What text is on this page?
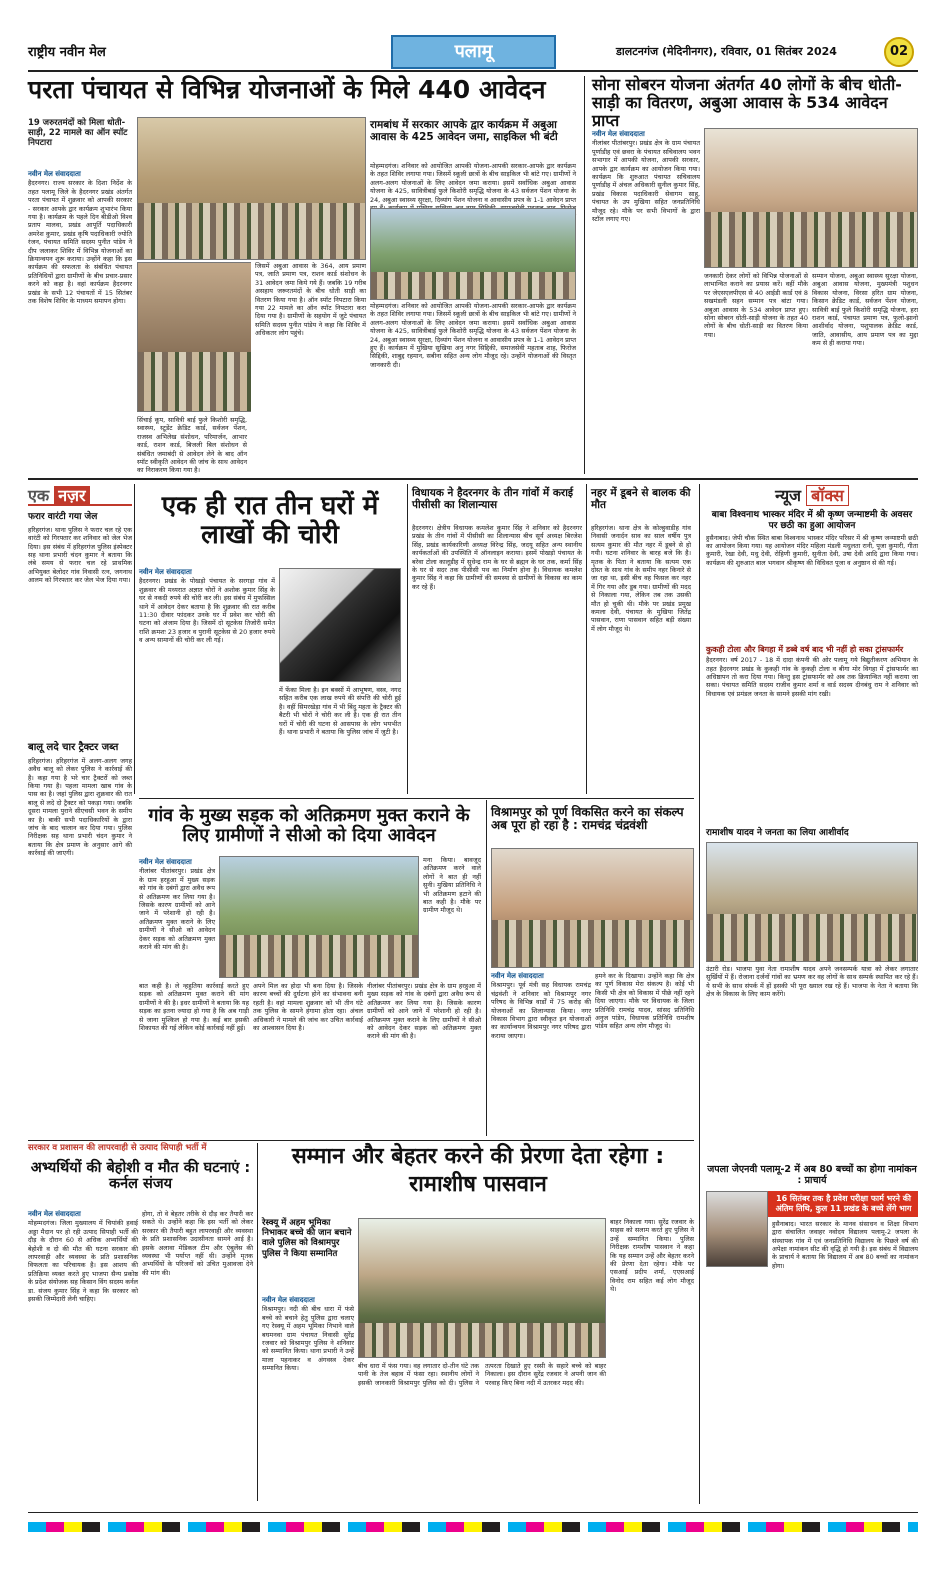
राष्ट्रीय नवीन मेल	पलामू	डालटनगंज (मेदिनीनगर), रविवार, 01 सितंबर 2024	02
परता पंचायत से विभिन्न योजनाओं के मिले 440 आवेदन
19 जरुरतमंदों को मिला धोती-साड़ी, 22 मामले का ऑन स्पॉट निपटारा
नवीन मेल संवाददाता
हैदरनगर। राज्य सरकार के दिशा निर्देश के तहत पलामू जिले के हैदरनगर प्रखंड अंतर्गत परता पंचायत में शुक्रवार को आपकी सरकार - सरकार आपके द्वार कार्यक्रम शुभारंभ किया गया है। कार्यक्रम के पहले दिन बीडीओ विश्व प्रताप मालवा, प्रखंड आपूर्ति पदाधिकारी अमरेश कुमार, प्रखंड कृषि पदाधिकारी ज्योति रंजन, पंचायत समिति सदस्य पुनीत पांडेय ने दीप जलाकर शिविर में विभिन्न योजनाओं का क्रियान्वयन शुरू कराया। उन्होंने कहा कि इस कार्यक्रम की सफलता के संबंधित पंचायत प्रतिनिधियों द्वारा ग्रामीणों के बीच प्रचार-प्रसार करने को कहा है। वहां कार्यक्रम हैदरनगर प्रखंड के सभी 12 पंचायतों में 15 सितंबर तक विशेष शिविर के माध्यम समापन होगा।
सिंचाई कूप, सावित्री बाई फुले किशोरी समृद्धि, स्वास्थ्य, स्टूडेंट क्रेडिट कार्ड, सर्वजन पेंशन, राजस्व अभिलेख संशोधन, परिमार्जन, आभार कार्ड, राशन कार्ड, बिजली बिल संशोधन से संबंधित जमाबंदी से आवेदन लेने के बाद ऑन स्पॉट स्वीकृति आवेदन की जांच के साथ आवेदन का निराकरण किया गया है।
जिसमें अबुआ आवास के 364, आय प्रमाण पत्र, जाति प्रमाण पत्र, राशन कार्ड संशोधन के 31 आवेदन जमा किये गये हैं। जबकि 19 गरीब असहाय जरूरतमंदों के बीच धोती साड़ी का वितरण किया गया है। ऑन स्पॉट निपटारा किया गया 22 मामले का ऑन स्पॉट निपटारा करा दिया गया है। ग्रामीणों के सहयोग में जुटे पंचायत समिति सदस्य पुनीत पांडेय ने कहा कि शिविर में अधिकतर लोग पहुंचे।
रामबांध में सरकार आपके द्वार कार्यक्रम में अबुआ आवास के 425 आवेदन जमा, साइकिल भी बंटी
मोहम्मदगंज। शनिवार को आयोजित आपकी योजना-आपकी सरकार-आपके द्वार कार्यक्रम के तहत शिविर लगाया गया। जिसमें स्कूली छात्रों के बीच साइकिल भी बांटे गए। ग्रामीणों ने अलग-अलग योजनाओं के लिए आवेदन जमा कराया। इसमें सर्वाधिक अबुआ आवास योजना के 425, सावित्रीबाई फुले किशोरी समृद्धि योजना के 43 सर्वजन पेंशन योजना के 24, अबुआ स्वास्थ्य सुरक्षा, दिव्यांग पेंशन योजना व आवासीय प्रपत्र के 1-1 आवेदन प्राप्त
मोहम्मदगंज। शनिवार को आयोजित आपकी योजना-आपकी सरकार-आपके द्वार कार्यक्रम के तहत शिविर लगाया गया। जिसमें स्कूली छात्रों के बीच साइकिल भी बांटे गए। ग्रामीणों ने अलग-अलग योजनाओं के लिए आवेदन जमा कराया। इसमें सर्वाधिक अबुआ आवास योजना के 425, सावित्रीबाई फुले किशोरी समृद्धि योजना के 43 सर्वजन पेंशन योजना के 24, अबुआ स्वास्थ्य सुरक्षा, दिव्यांग पेंशन योजना व आवासीय प्रपत्र के 1-1 आवेदन प्राप्त हुए हैं। कार्यक्रम में मुखिया सुखिया अनु नगर सिद्दिकी, समाजसेवी महताब शाह, फिरोज सिद्दिकी, शाबुद्द रहमान, सबीना सहित अन्य लोग मौजूद रहे। उन्होंने योजनाओं की विस्तृत जानकारी दी।
सोना सोबरन योजना अंतर्गत 40 लोगों के बीच धोती-साड़ी का वितरण, अबुआ आवास के 534 आवेदन प्राप्त
नवीन मेल संवाददाता
नीलांबर पीतांबरपुर। प्रखंड क्षेत्र के ग्राम पंचायत पूर्णाडीह एवं छवरा के पंचायत सचिवालय भवन सभागार में आपकी योजना, आपकी सरकार, आपके द्वार कार्यक्रम का आयोजन किया गया। कार्यक्रम कि शुरुआत पंचायत सचिवालय पूर्णाडीह में अंचल अधिकारी सुनील कुमार सिंह, प्रखंड विकास पदाधिकारी सेवागम साहु, पंचायत के उप मुखिया सहित जनप्रतिनिधि मौजूद रहे। मौके पर सभी विभागों के द्वारा स्टॉल लगाए गए।
जनकारी देकर लोगों को विभिन्न योजनाओं से लाभान्वित कराने का प्रयास करें। वहीं मौके पर जेएसएलपीएस से 40 आईडी कार्ड एवं 8 सखमंडली सहन सम्मान पत्र बांटा गया। अबुआ आवास के 534 आवेदन प्राप्त हुए। सोना सोबरन धोती-साड़ी योजना के तहत 40 लोगों के बीच धोती-साड़ी का वितरण किया गया।
सम्मान योजना, अबुआ स्वास्थ्य सुरक्षा योजना, अबुआ आवास योजना, मुख्यमंत्री पशुधन विकास योजना, विरसा हरित ग्राम योजना, किसान क्रेडिट कार्ड, सर्वजन पेंशन योजना, सावित्री बाई फुले किशोरी समृद्धि योजना, हरा राशन कार्ड, पंचायत प्रमाण पत्र, फूलो-झानो आशीर्वाद योजना, पशुपालक क्रेडिट कार्ड, जाति, आवासीय, आय प्रमाण पत्र का मुद्दा कम से ही कराया गया।
एक नज़र
फरार वारंटी गया जेल
हरिहरगंज। थाना पुलिस ने फरार चल रहे एक वारंटी को गिरफ्तार कर शनिवार को जेल भेज दिया। इस संबंध में हरिहरगंज पुलिस इंस्पेक्टर सह थाना प्रभारी चंदन कुमार ने बताया कि लंबे समय से फरार चल रहे प्राथमिक अभियुक्त बेलोदर गांव निवासी रत्न, जगनाथ आलम को गिरफ्तार कर जेल भेज दिया गया।
बालू लदे चार ट्रैक्टर जब्त
हरिहरगंज। हरिहरगंज में अलग-अलग जगह अवैध बालू को लेकर पुलिस ने कार्रवाई की है। कहा गया है भरे चार ट्रैक्टरों को जब्त किया गया है। पहला मामला खाब गांव के पास का है। जहां पुलिस द्वारा शुक्रवार की रात बालू से लदे दो ट्रैक्टर को पकड़ा गया। जबकि दूसरा मामला पुराने सीएचसी भवन के समीप का है। बाकी सभी पदाधिकारियों के द्वारा जांच के बाद चालान कर दिया गया। पुलिस निरीक्षक सह थाना प्रभारी चंदन कुमार ने बताया कि क्षेत्र प्रमाण के अनुसार आगे की कार्रवाई की जाएगी।
एक ही रात तीन घरों में लाखों की चोरी
नवीन मेल संवाददाता
हैदरनगर। प्रखंड के पोखड़ो पंचायत के सरगड़ा गांव में शुक्रवार की मध्यरात अज्ञात चोरों ने अशोक कुमार सिंह के घर से नकदी रुपये की चोरी कर ली। इस संबंध में मुफस्सिल थाने में आवेदन देकर बताया है कि शुक्रवार की रात करीब 11:30 दीवार फांदकर उनके घर में प्रवेश कर चोरी की घटना को अंजाम दिया है। जिसमें दो सूटकेस तिजोरी समेत राशि क्रमशः 23 हजार व पुरानी सूटकेस से 20 हजार रुपये व अन्य सामानों की चोरी कर ली गई।
में फेंका मिला है। इन बक्सों में आभूषण, वस्त्र, नगद सहित करीब एक लाख रुपये की संपत्ति की चोरी हुई है। वहीं सिमरखेड़ा गांव में भी बिंदु महता के ट्रैक्टर की बैटरी भी चोरों ने चोरी कर ली है। एक ही रात तीन घरों में चोरी की घटना से आसपास के लोग भयभीत हैं। थाना प्रभारी ने बताया कि पुलिस जांच में जुटी है।
विधायक ने हैदरनगर के तीन गांवों में कराई पीसीसी का शिलान्यास
हैदरनगर। क्षेत्रीय विधायक कमलेश कुमार सिंह ने शनिवार को हैदरनगर प्रखंड के तीन गांवों में पीसीसी का शिलान्यास बीच सूर्य अध्यक्ष बिरजेश सिंह, प्रखंड कार्यकारिणी अध्यक्ष विरेन्द्र सिंह, जदयू सहित अन्य स्थानीय कार्यकर्ताओं की उपस्थिति में ऑनलाइन कराया। इसमें पोखड़ो पंचायत के बरेवा टोला कालूडीह में सुधेन्द्र राम के घर से ब्रह्मन के घर तक, कर्मा सिंह के घर से सदर तक पीसीसी पथ का निर्माण होना है। विधायक कमलेश कुमार सिंह ने कहा कि ग्रामीणों की समस्या से ग्रामीणों के विकास का काम कर रहे हैं।
नहर में डूबने से बालक की मौत
हरिहरगंज। थाना क्षेत्र के कोल्हुवाडीह गांव निवासी जनार्दन साव का साल वर्षीय पुत्र सत्यम कुमार की मौत नहर में डूबने से हो गयी। घटना शनिवार के बारह बजे कि है। मृतक के पिता ने बताया कि सत्यम एक दोस्त के साथ गांव के समीप नहर किनारे से जा रहा था, इसी बीच वह फिसल कर नहर में गिर गया और डूब गया। ग्रामीणों की मदद से निकाला गया, लेकिन तब तक उसकी मौत हो चुकी थी। मौके पर प्रखंड प्रमुख कमला देवी, पंचायत के मुखिया जितेंद्र पासवान, राणा पासवान सहित बड़ी संख्या में लोग मौजूद थे।
न्यूज बॉक्स
बाबा विश्वनाथ भास्कर मंदिर में श्री कृष्ण जन्माष्टमी के अवसर पर छठी का हुआ आयोजन
हुसैनाबाद। जेपी चौक स्थित बाबा विश्वनाथ भास्कर मंदिर परिसर में श्री कृष्ण जन्माष्टमी छठी का आयोजन किया गया। यह आयोजन मंदिर महिला मंडली मधुलता रानी, पूजा कुमारी, गीता कुमारी, रेखा देवी, मधु देवी, रोहिणी कुमारी, सुनीता देवी, उषा देवी आदि द्वारा किया गया। कार्यक्रम की शुरुआत बाल भगवान श्रीकृष्ण की विधिवत पूजा व अनुष्ठान से की गई।
कुकही टोला और बिगहा में डब्बे वर्ष बाद भी नहीं हो सका ट्रांसफार्मर
हैदरनगर। वर्ष 2017 - 18 में दादा कंपनी की ओर पलामू गये बिद्युतीकरण अभियान के तहत हैदरनगर प्रखंड के कुकही गांव के कुकही टोला व बीगा मोर विगहा में ट्रांसफार्मर का अधिष्ठापन तो करा दिया गया। किन्तु इस ट्रांसफार्मर को अब तक क्रियान्वित नहीं कराया जा सका। पंचायत समिति सदस्य राजीव कुमार शर्मा व वार्ड सदस्य दीनबंधु राम ने शनिवार को विधायक एवं प्रमंडल जनता के सामने इसकी मांग रखी।
रामाशीष यादव ने जनता का लिया आशीर्वाद
उंटारी रोड। भाजपा युवा नेता रामाशीष यादव अपने जनसम्पर्क यात्रा को लेकर लगातार सुर्खियों में हैं। रोजाना दर्जनों गांवों का भ्रमण कर वह लोगों के साथ सम्पर्क स्थापित कर रहे हैं। ये सभी के साथ संपर्क में हों इसकी भी पूरा ख्याल रख रहे हैं। भाजपा के नेता ने बताया कि क्षेत्र के विकास के लिए काम करेंगे।
जपला जेएनवी पलामू-2 में अब 80 बच्चों का होगा नामांकन : प्राचार्य
16 सितंबर तक है प्रवेश परीक्षा फार्म भरने की अंतिम तिथि, कुल 11 प्रखंड के बच्चे लेंगे भाग
हुसैनाबाद। भारत सरकार के मानव संसाधन व शिक्षा विभाग द्वारा संचालित जवाहर नवोदय विद्यालय पलामू-2 जपला के संस्थापक गांव में एवं जनप्रतिनिधि विद्यालय के पिछले वर्ष की अपेक्षा नामांकन सीट की वृद्धि हो गयी है। इस संबंध में विद्यालय के प्राचार्य ने बताया कि विद्यालय में अब 80 बच्चों का नामांकन होगा।
गांव के मुख्य सड़क को अतिक्रमण मुक्त कराने के लिए ग्रामीणों ने सीओ को दिया आवेदन
नवीन मेल संवाददाता
नीलांबर पीतांबरपुर। प्रखंड क्षेत्र के ग्राम हरहुआ में मुख्य सड़क को गांव के दबंगों द्वारा अवैध रूप से अतिक्रमण कर लिया गया है। जिसके कारण ग्रामीणों को आने जाने में परेशानी हो रही है। अतिक्रमण मुक्त कराने के लिए ग्रामीणों ने सीओ को आवेदन देकर सड़क को अतिक्रमण मुक्त कराने की मांग की है।
मना किया। बावजूद अतिक्रमण करने वाले लोगों ने बात ही नहीं सुनी। मुखिया प्रतिनिधि ने भी अतिक्रमण हटाने की बात कही है। मौके पर ग्रामीण मौजूद थे।
बात कही है। ले न्हहुतिया कार्रवाई करते हुए सड़क को अतिक्रमण मुक्त कराने की मांग ग्रामीणों ने की है। इधर ग्रामीणों ने बताया कि यह सड़क का इतना ज्यादा हो गया है कि अब गाड़ी से जाना मुश्किल हो गया है। कई बार इसकी शिकायत की गई लेकिन कोई कार्रवाई नहीं हुई।
अपने मिल का होदा भी बना दिया है। जिसके कारण बच्चों की दुर्घटना होने का संभावना बनी रहती है। वहां मामला शुक्रवार को भी तीन घंटे तक पुलिस के सामने हंगामा होता रहा। अंचल अधिकारी ने मामले की जांच कर उचित कार्रवाई का आश्वासन दिया है।
नीलांबर पीतांबरपुर। प्रखंड क्षेत्र के ग्राम हरहुआ में मुख्य सड़क को गांव के दबंगों द्वारा अवैध रूप से अतिक्रमण कर लिया गया है। जिसके कारण ग्रामीणों को आने जाने में परेशानी हो रही है। अतिक्रमण मुक्त कराने के लिए ग्रामीणों ने सीओ को आवेदन देकर सड़क को अतिक्रमण मुक्त कराने की मांग की है।
विश्रामपुर को पूर्ण विकसित करने का संकल्प अब पूरा हो रहा है : रामचंद्र चंद्रवंशी
नवीन मेल संवाददाता
विश्रामपुर। पूर्व मंत्री सह विधायक रामचंद्र चंद्रवंशी ने शनिवार को विश्रामपुर नगर परिषद के विभिन्न वार्डों में 75 करोड़ की योजनाओं का शिलान्यास किया। नगर विकास विभाग द्वारा स्वीकृत इन योजनाओं का कार्यान्वयन विश्रामपुर नगर परिषद द्वारा कराया जाएगा।
हमने कर के दिखाया। उन्होंने कहा कि क्षेत्र का पूर्ण विकास मेरा संकल्प है। कोई भी किसी भी क्षेत्र को विकास में पीछे नहीं रहने दिया जाएगा। मौके पर विधायक के जिला प्रतिनिधि रामचंद्र यादव, सांसद प्रतिनिधि अनुज पांडेय, विधायक प्रतिनिधि रामशीष पांडेय सहित अन्य लोग मौजूद थे।
सरकार व प्रशासन की लापरवाही से उत्पाद सिपाही भर्ती में
अभ्यर्थियों की बेहोशी व मौत की घटनाएं : कर्नल संजय
नवीन मेल संवाददाता
मोहम्मदगंज। जिला मुख्यालय में चियांकी हवाई अड्डा मैदान पर हो रही उत्पाद सिपाही भर्ती की दौड़ के दौरान 60 से अधिक अभ्यर्थियों की बेहोशी व दो की मौत की घटना सरकार की लापरवाही और व्यवस्था के प्रति प्रशासनिक विफलता का परिचायक है। इस आशय की प्रतिक्रिया व्यक्त करते हुए भाजपा सैन्य प्रकोष्ठ के प्रदेश संयोजक सह किसान विंग सदस्य कर्नल डा. संजय कुमार सिंह ने कहा कि सरकार को इसकी जिम्मेदारी लेनी चाहिए।
होगा, तो वे बेहतर तरीके से दौड़ कर तैयारी कर सकते थे। उन्होंने कहा कि इस भर्ती को लेकर सरकार की तैयारी बहुत लापरवाही और व्यवस्था के प्रति प्रशासनिक उदासीनता सामने आई है। इसके अलावा मेडिकल टीम और एंबुलेंस की व्यवस्था भी पर्याप्त नहीं थी। उन्होंने मृतक अभ्यर्थियों के परिजनों को उचित मुआवजा देने की मांग की।
सम्मान और बेहतर करने की प्रेरणा देता रहेगा : रामाशीष पासवान
रेस्क्यू में अहम भूमिका निभाकर बच्चे की जान बचाने वाले पुलिस को विश्रामपुर पुलिस ने किया सम्मानित
नवीन मेल संवाददाता
विश्रामपुर। नदी की बीच धारा में फंसे बच्चे को बचाने हेतु पुलिस द्वारा चलाए गए रेस्क्यू में अहम भूमिका निभाने वाले बघमनवा ग्राम पंचायत निवासी सुरेंद्र रजवार को विश्रामपुर पुलिस ने शनिवार को सम्मानित किया। थाना प्रभारी ने उन्हें माला पहनाकर व अंगवस्त्र देकर सम्मानित किया।	बीच धारा में फंस गया। वह लगातार दो-तीन घंटे तक पानी के तेज बहाव में फंसा रहा। स्थानीय लोगों ने इसकी जानकारी विश्रामपुर पुलिस को दी। पुलिस ने तत्परता दिखाते हुए रस्सी के सहारे बच्चे को बाहर निकाला। इस दौरान सुरेंद्र रजवार ने अपनी जान की परवाह किए बिना नदी में उतरकर मदद की।
बाहर निकाला गया। सुरेंद्र रजवार के साहस को सलाम करते हुए पुलिस ने उन्हें सम्मानित किया। पुलिस निरीक्षक रामशीष पासवान ने कहा कि यह सम्मान उन्हें और बेहतर करने की प्रेरणा देता रहेगा। मौके पर एसआई प्रदीप शर्मा, एएसआई विनोद राम सहित कई लोग मौजूद थे।
